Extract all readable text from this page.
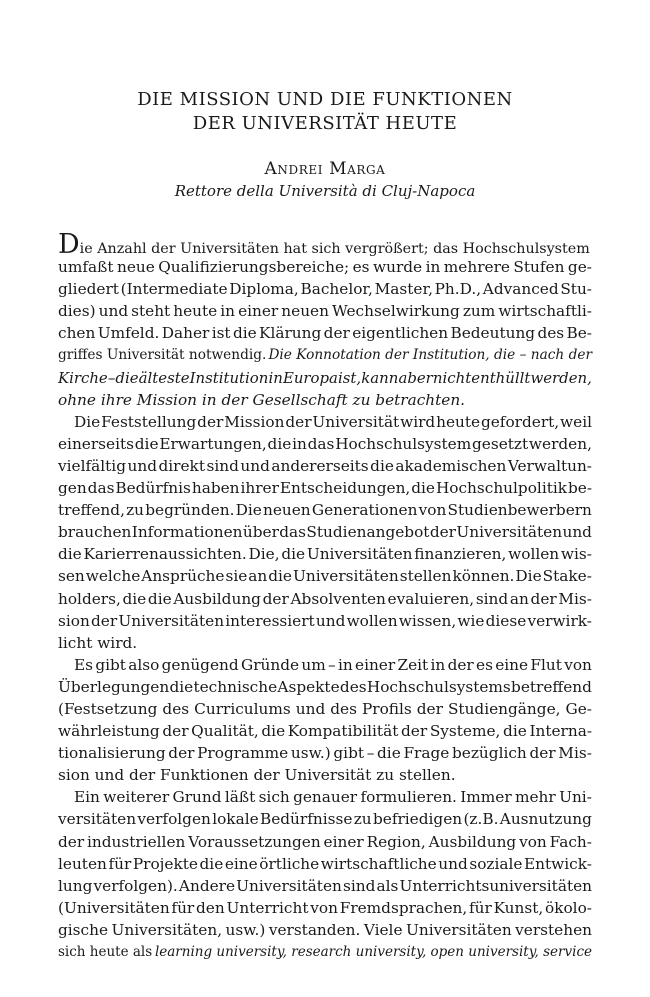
DIE MISSION UND DIE FUNKTIONEN
DER UNIVERSITÄT HEUTE
Andrei Marga
Rettore della Università di Cluj-Napoca
Die Anzahl der Universitäten hat sich vergrößert; das Hochschulsystem
umfaßt neue Qualifizierungsbereiche; es wurde in mehrere Stufen ge-
gliedert (Intermediate Diploma, Bachelor, Master, Ph.D., Advanced Stu-
dies) und steht heute in einer neuen Wechselwirkung zum wirtschaftli-
chen Umfeld. Daher ist die Klärung der eigentlichen Bedeutung des Be-
griffes Universität notwendig. Die Konnotation der Institution, die – nach der
Kirche – die älteste Institution in Europa ist, kann aber nicht enthüllt werden,
ohne ihre Mission in der Gesellschaft zu betrachten.
Die Feststellung der Mission der Universität wird heute gefordert, weil
einerseits die Erwartungen, die in das Hochschulsystem gesetzt werden,
vielfältig und direkt sind und andererseits die akademischen Verwaltun-
gen das Bedürfnis haben ihrer Entscheidungen, die Hochschulpolitik be-
treffend, zu begründen. Die neuen Generationen von Studienbewerbern
brauchen Informationen über das Studienangebot der Universitäten und
die Karierrenaussichten. Die, die Universitäten finanzieren, wollen wis-
sen welche Ansprüche sie an die Universitäten stellen können. Die Stake-
holders, die die Ausbildung der Absolventen evaluieren, sind an der Mis-
sion der Universitäten interessiert und wollen wissen, wie diese verwirk-
licht wird.
Es gibt also genügend Gründe um – in einer Zeit in der es eine Flut von
Überlegungen die technische Aspekte des Hochschulsystems betreffend
(Festsetzung des Curriculums und des Profils der Studiengänge, Ge-
währleistung der Qualität, die Kompatibilität der Systeme, die Interna-
tionalisierung der Programme usw.) gibt – die Frage bezüglich der Mis-
sion und der Funktionen der Universität zu stellen.
Ein weiterer Grund läßt sich genauer formulieren. Immer mehr Uni-
versitäten verfolgen lokale Bedürfnisse zu befriedigen (z.B. Ausnutzung
der industriellen Voraussetzungen einer Region, Ausbildung von Fach-
leuten für Projekte die eine örtliche wirtschaftliche und soziale Entwick-
lung verfolgen). Andere Universitäten sind als Unterrichtsuniversitäten
(Universitäten für den Unterricht von Fremdsprachen, für Kunst, ökolo-
gische Universitäten, usw.) verstanden. Viele Universitäten verstehen
sich heute als learning university, research university, open university, service
